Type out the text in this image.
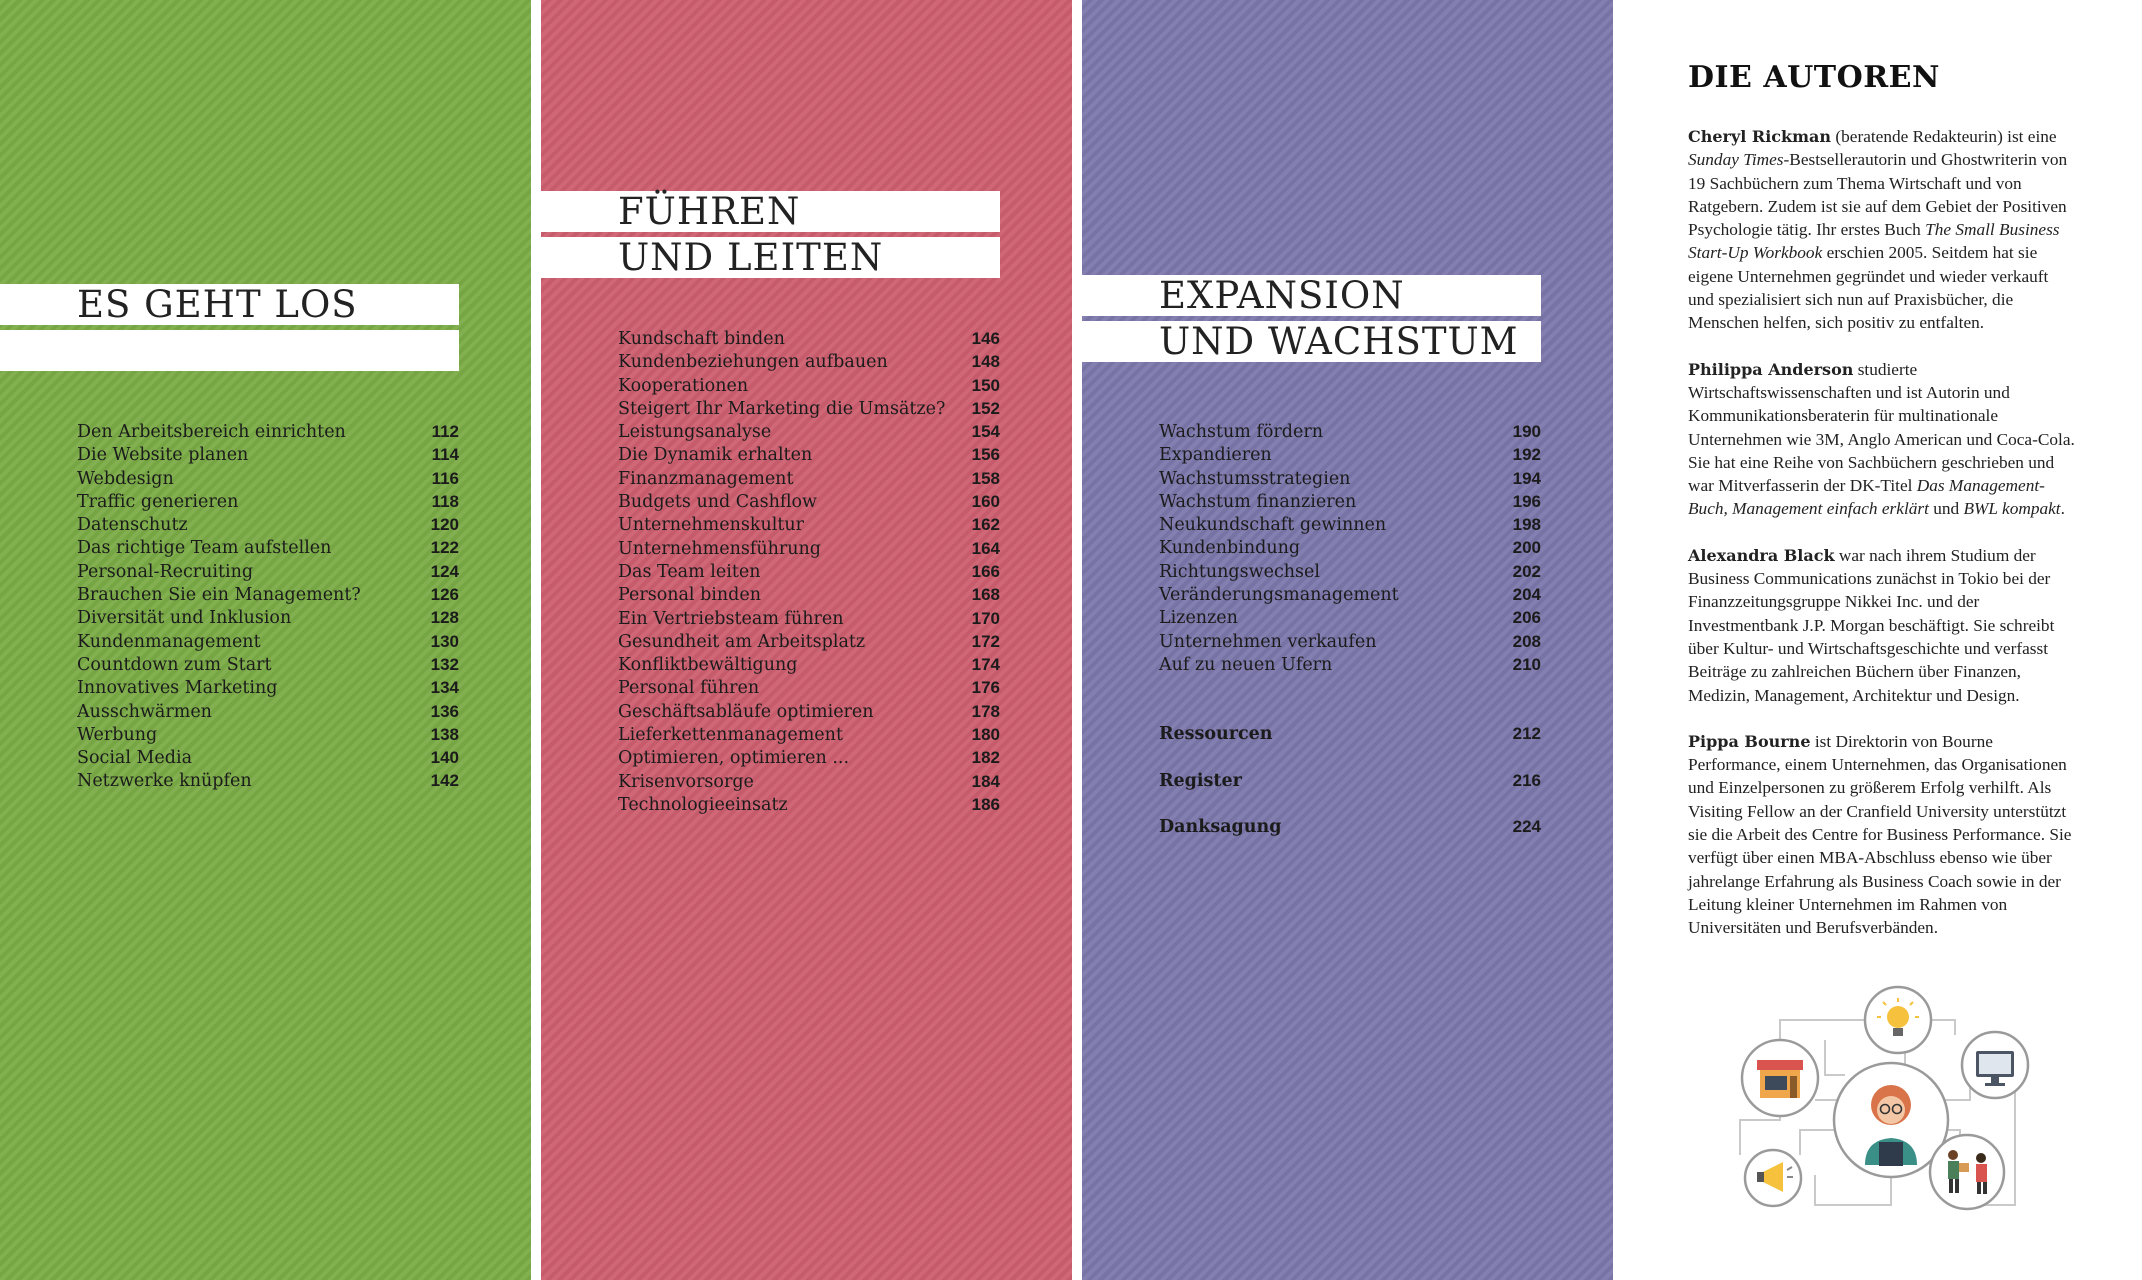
ES GEHT LOS
Den Arbeitsbereich einrichten	112
Die Website planen	114
Webdesign	116
Traffic generieren	118
Datenschutz	120
Das richtige Team aufstellen	122
Personal-Recruiting	124
Brauchen Sie ein Management?	126
Diversität und Inklusion	128
Kundenmanagement	130
Countdown zum Start	132
Innovatives Marketing	134
Ausschwärmen	136
Werbung	138
Social Media	140
Netzwerke knüpfen	142
FÜHREN
UND LEITEN
Kundschaft binden	146
Kundenbeziehungen aufbauen	148
Kooperationen	150
Steigert Ihr Marketing die Umsätze? 152
Leistungsanalyse	154
Die Dynamik erhalten	156
Finanzmanagement	158
Budgets und Cashflow	160
Unternehmenskultur	162
Unternehmensführung	164
Das Team leiten	166
Personal binden	168
Ein Vertriebsteam führen	170
Gesundheit am Arbeitsplatz	172
Konfliktbewältigung	174
Personal führen	176
Geschäftsabläufe optimieren	178
Lieferkettenmanagement	180
Optimieren, optimieren ...	182
Krisenvorsorge	184
Technologieeinsatz	186
EXPANSION
UND WACHSTUM
Wachstum fördern	190
Expandieren	192
Wachstumsstrategien	194
Wachstum finanzieren	196
Neukundschaft gewinnen	198
Kundenbindung	200
Richtungswechsel	202
Veränderungsmanagement	204
Lizenzen	206
Unternehmen verkaufen	208
Auf zu neuen Ufern	210
Ressourcen	212
Register	216
Danksagung	224
DIE AUTOREN

Cheryl Rickman (beratende Redakteurin) ist eine Sunday Times-Bestsellerautorin und Ghostwriterin von 19 Sachbüchern zum Thema Wirtschaft und von Ratgebern. Zudem ist sie auf dem Gebiet der Positiven Psychologie tätig. Ihr erstes Buch The Small Business Start-Up Workbook erschien 2005. Seitdem hat sie eigene Unternehmen gegründet und wieder verkauft und spezialisiert sich nun auf Praxisbücher, die Menschen helfen, sich positiv zu entfalten.

Philippa Anderson studierte Wirtschaftswissenschaften und ist Autorin und Kommunikationsberaterin für multinationale Unternehmen wie 3M, Anglo American und Coca-Cola. Sie hat eine Reihe von Sachbüchern geschrieben und war Mitverfasserin der DK-Titel Das Management-Buch, Management einfach erklärt und BWL kompakt.

Alexandra Black war nach ihrem Studium der Business Communications zunächst in Tokio bei der Finanzzeitungsgruppe Nikkei Inc. und der Investmentbank J.P. Morgan beschäftigt. Sie schreibt über Kultur- und Wirtschaftsgeschichte und verfasst Beiträge zu zahlreichen Büchern über Finanzen, Medizin, Management, Architektur und Design.

Pippa Bourne ist Direktorin von Bourne Performance, einem Unternehmen, das Organisationen und Einzelpersonen zu größerem Erfolg verhilft. Als Visiting Fellow an der Cranfield University unterstützt sie die Arbeit des Centre for Business Performance. Sie verfügt über einen MBA-Abschluss ebenso wie über jahrelange Erfahrung als Business Coach sowie in der Leitung kleiner Unternehmen im Rahmen von Universitäten und Berufsverbänden.
